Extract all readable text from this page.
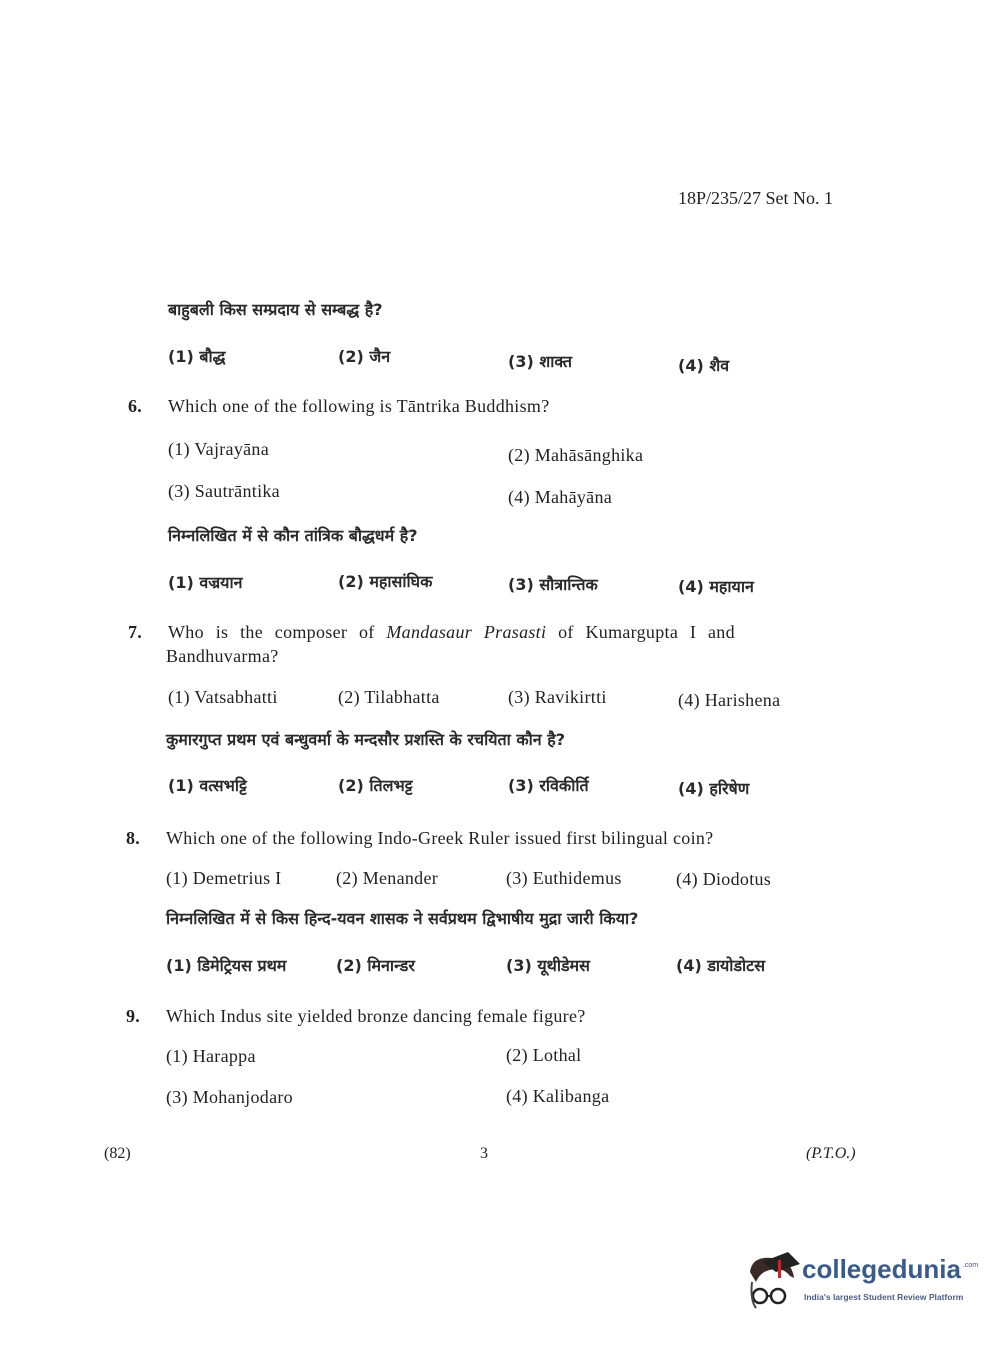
18P/235/27 Set No. 1
बाहुबली किस सम्प्रदाय से सम्बद्ध है?
(1) बौद्ध	(2) जैन	(3) शाक्त	(4) शैव
6. Which one of the following is Tāntrika Buddhism?
(1) Vajrayāna	(2) Mahāsānghika
(3) Sautrāntika	(4) Mahāyāna
निम्नलिखित में से कौन तांत्रिक बौद्धधर्म है?
(1) वज्रयान	(2) महासांघिक	(3) सौत्रान्तिक	(4) महायान
7. Who is the composer of Mandasaur Prasasti of Kumargupta I and
Bandhuvarma?
(1) Vatsabhatti	(2) Tilabhatta	(3) Ravikirtti	(4) Harishena
कुमारगुप्त प्रथम एवं बन्धुवर्मा के मन्दसौर प्रशस्ति के रचयिता कौन है?
(1) वत्सभट्टि	(2) तिलभट्ट	(3) रविकीर्ति	(4) हरिषेण
8. Which one of the following Indo-Greek Ruler issued first bilingual coin?
(1) Demetrius I	(2) Menander	(3) Euthidemus	(4) Diodotus
निम्नलिखित में से किस हिन्द-यवन शासक ने सर्वप्रथम द्विभाषीय मुद्रा जारी किया?
(1) डिमेट्रियस प्रथम	(2) मिनान्डर	(3) यूथीडेमस	(4) डायोडोटस
9. Which Indus site yielded bronze dancing female figure?
(1) Harappa	(2) Lothal
(3) Mohanjodaro	(4) Kalibanga
(82)	3	(P.T.O.)
collegedunia .com
India's largest Student Review Platform
